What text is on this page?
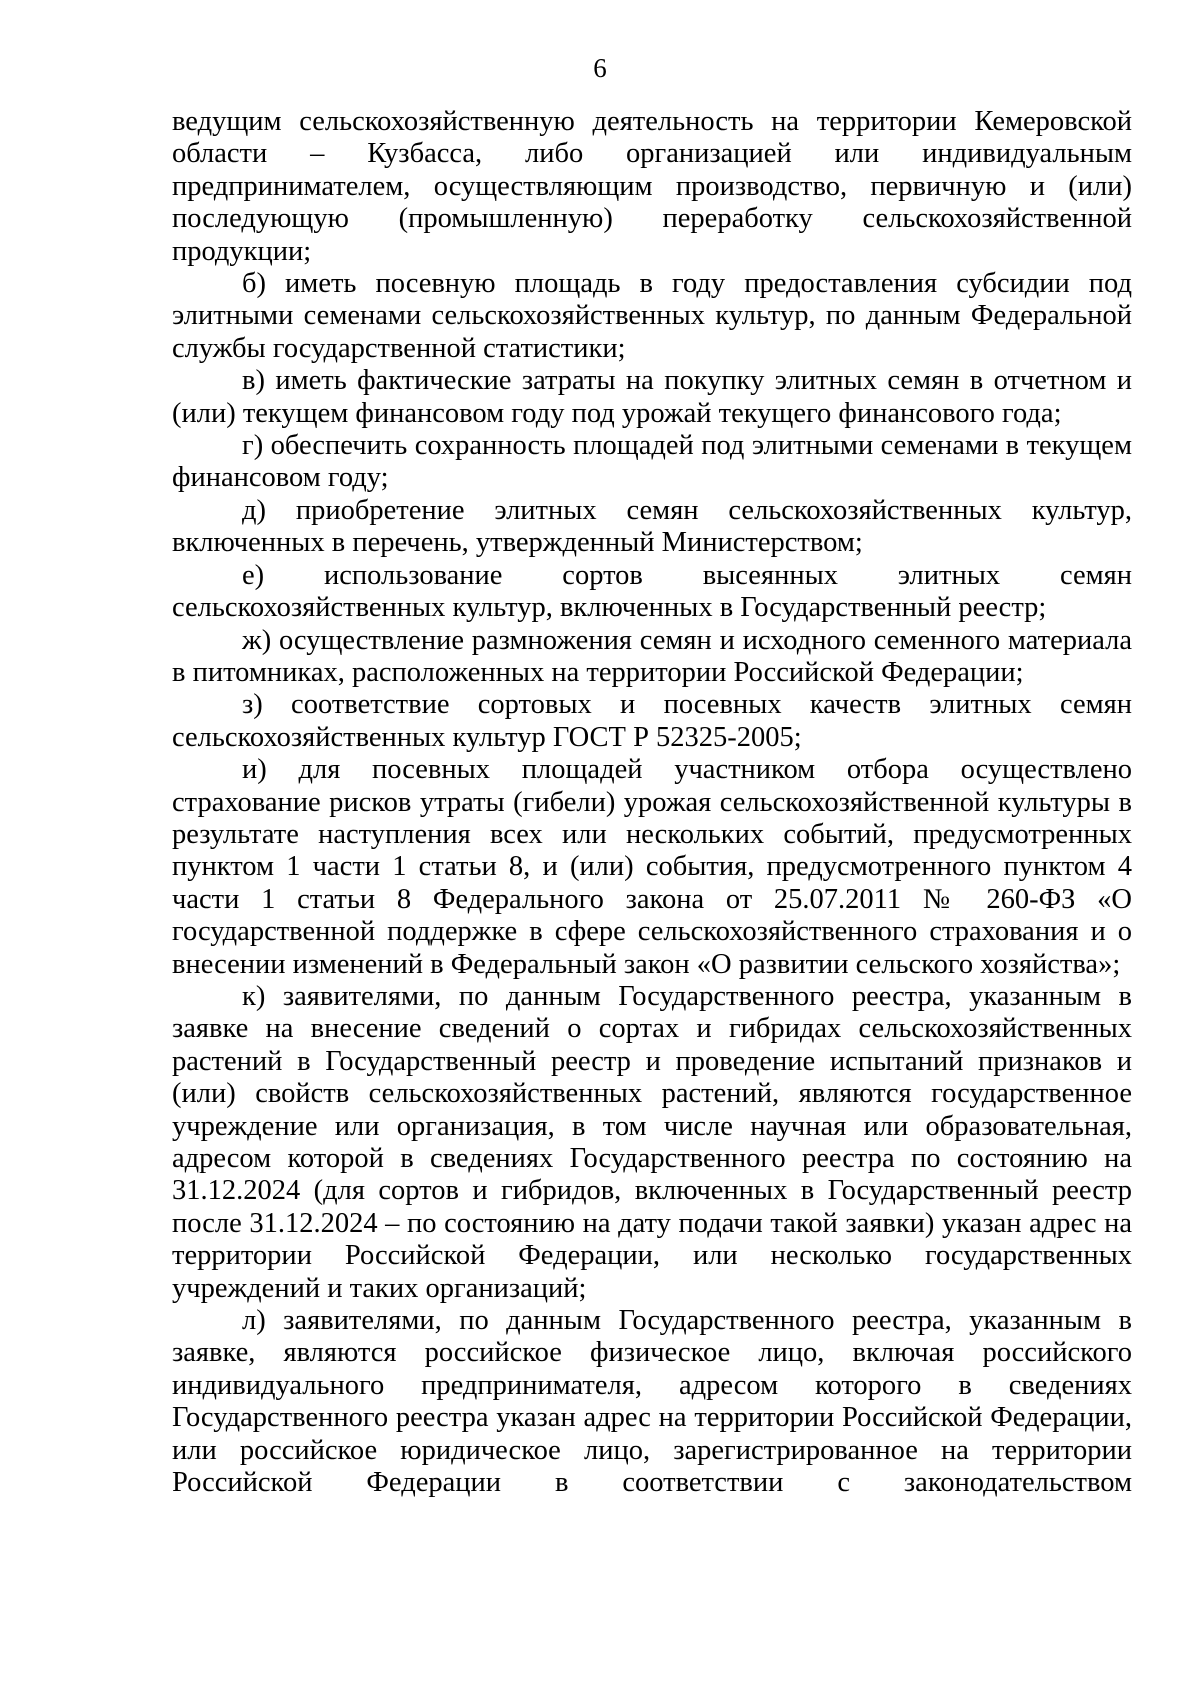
6

ведущим сельскохозяйственную деятельность на территории Кемеровской области – Кузбасса, либо организацией или индивидуальным предпринимателем, осуществляющим производство, первичную и (или) последующую (промышленную) переработку сельскохозяйственной продукции;

б) иметь посевную площадь в году предоставления субсидии под элитными семенами сельскохозяйственных культур, по данным Федеральной службы государственной статистики;

в) иметь фактические затраты на покупку элитных семян в отчетном и (или) текущем финансовом году под урожай текущего финансового года;

г) обеспечить сохранность площадей под элитными семенами в текущем финансовом году;

д) приобретение элитных семян сельскохозяйственных культур, включенных в перечень, утвержденный Министерством;

е) использование сортов высеянных элитных семян сельскохозяйственных культур, включенных в Государственный реестр;

ж) осуществление размножения семян и исходного семенного материала в питомниках, расположенных на территории Российской Федерации;

з) соответствие сортовых и посевных качеств элитных семян сельскохозяйственных культур ГОСТ Р 52325-2005;

и) для посевных площадей участником отбора осуществлено страхование рисков утраты (гибели) урожая сельскохозяйственной культуры в результате наступления всех или нескольких событий, предусмотренных пунктом 1 части 1 статьи 8, и (или) события, предусмотренного пунктом 4 части 1 статьи 8 Федерального закона от 25.07.2011 № 260-ФЗ «О государственной поддержке в сфере сельскохозяйственного страхования и о внесении изменений в Федеральный закон «О развитии сельского хозяйства»;

к) заявителями, по данным Государственного реестра, указанным в заявке на внесение сведений о сортах и гибридах сельскохозяйственных растений в Государственный реестр и проведение испытаний признаков и (или) свойств сельскохозяйственных растений, являются государственное учреждение или организация, в том числе научная или образовательная, адресом которой в сведениях Государственного реестра по состоянию на 31.12.2024 (для сортов и гибридов, включенных в Государственный реестр после 31.12.2024 – по состоянию на дату подачи такой заявки) указан адрес на территории Российской Федерации, или несколько государственных учреждений и таких организаций;

л) заявителями, по данным Государственного реестра, указанным в заявке, являются российское физическое лицо, включая российского индивидуального предпринимателя, адресом которого в сведениях Государственного реестра указан адрес на территории Российской Федерации, или российское юридическое лицо, зарегистрированное на территории Российской Федерации в соответствии с законодательством
